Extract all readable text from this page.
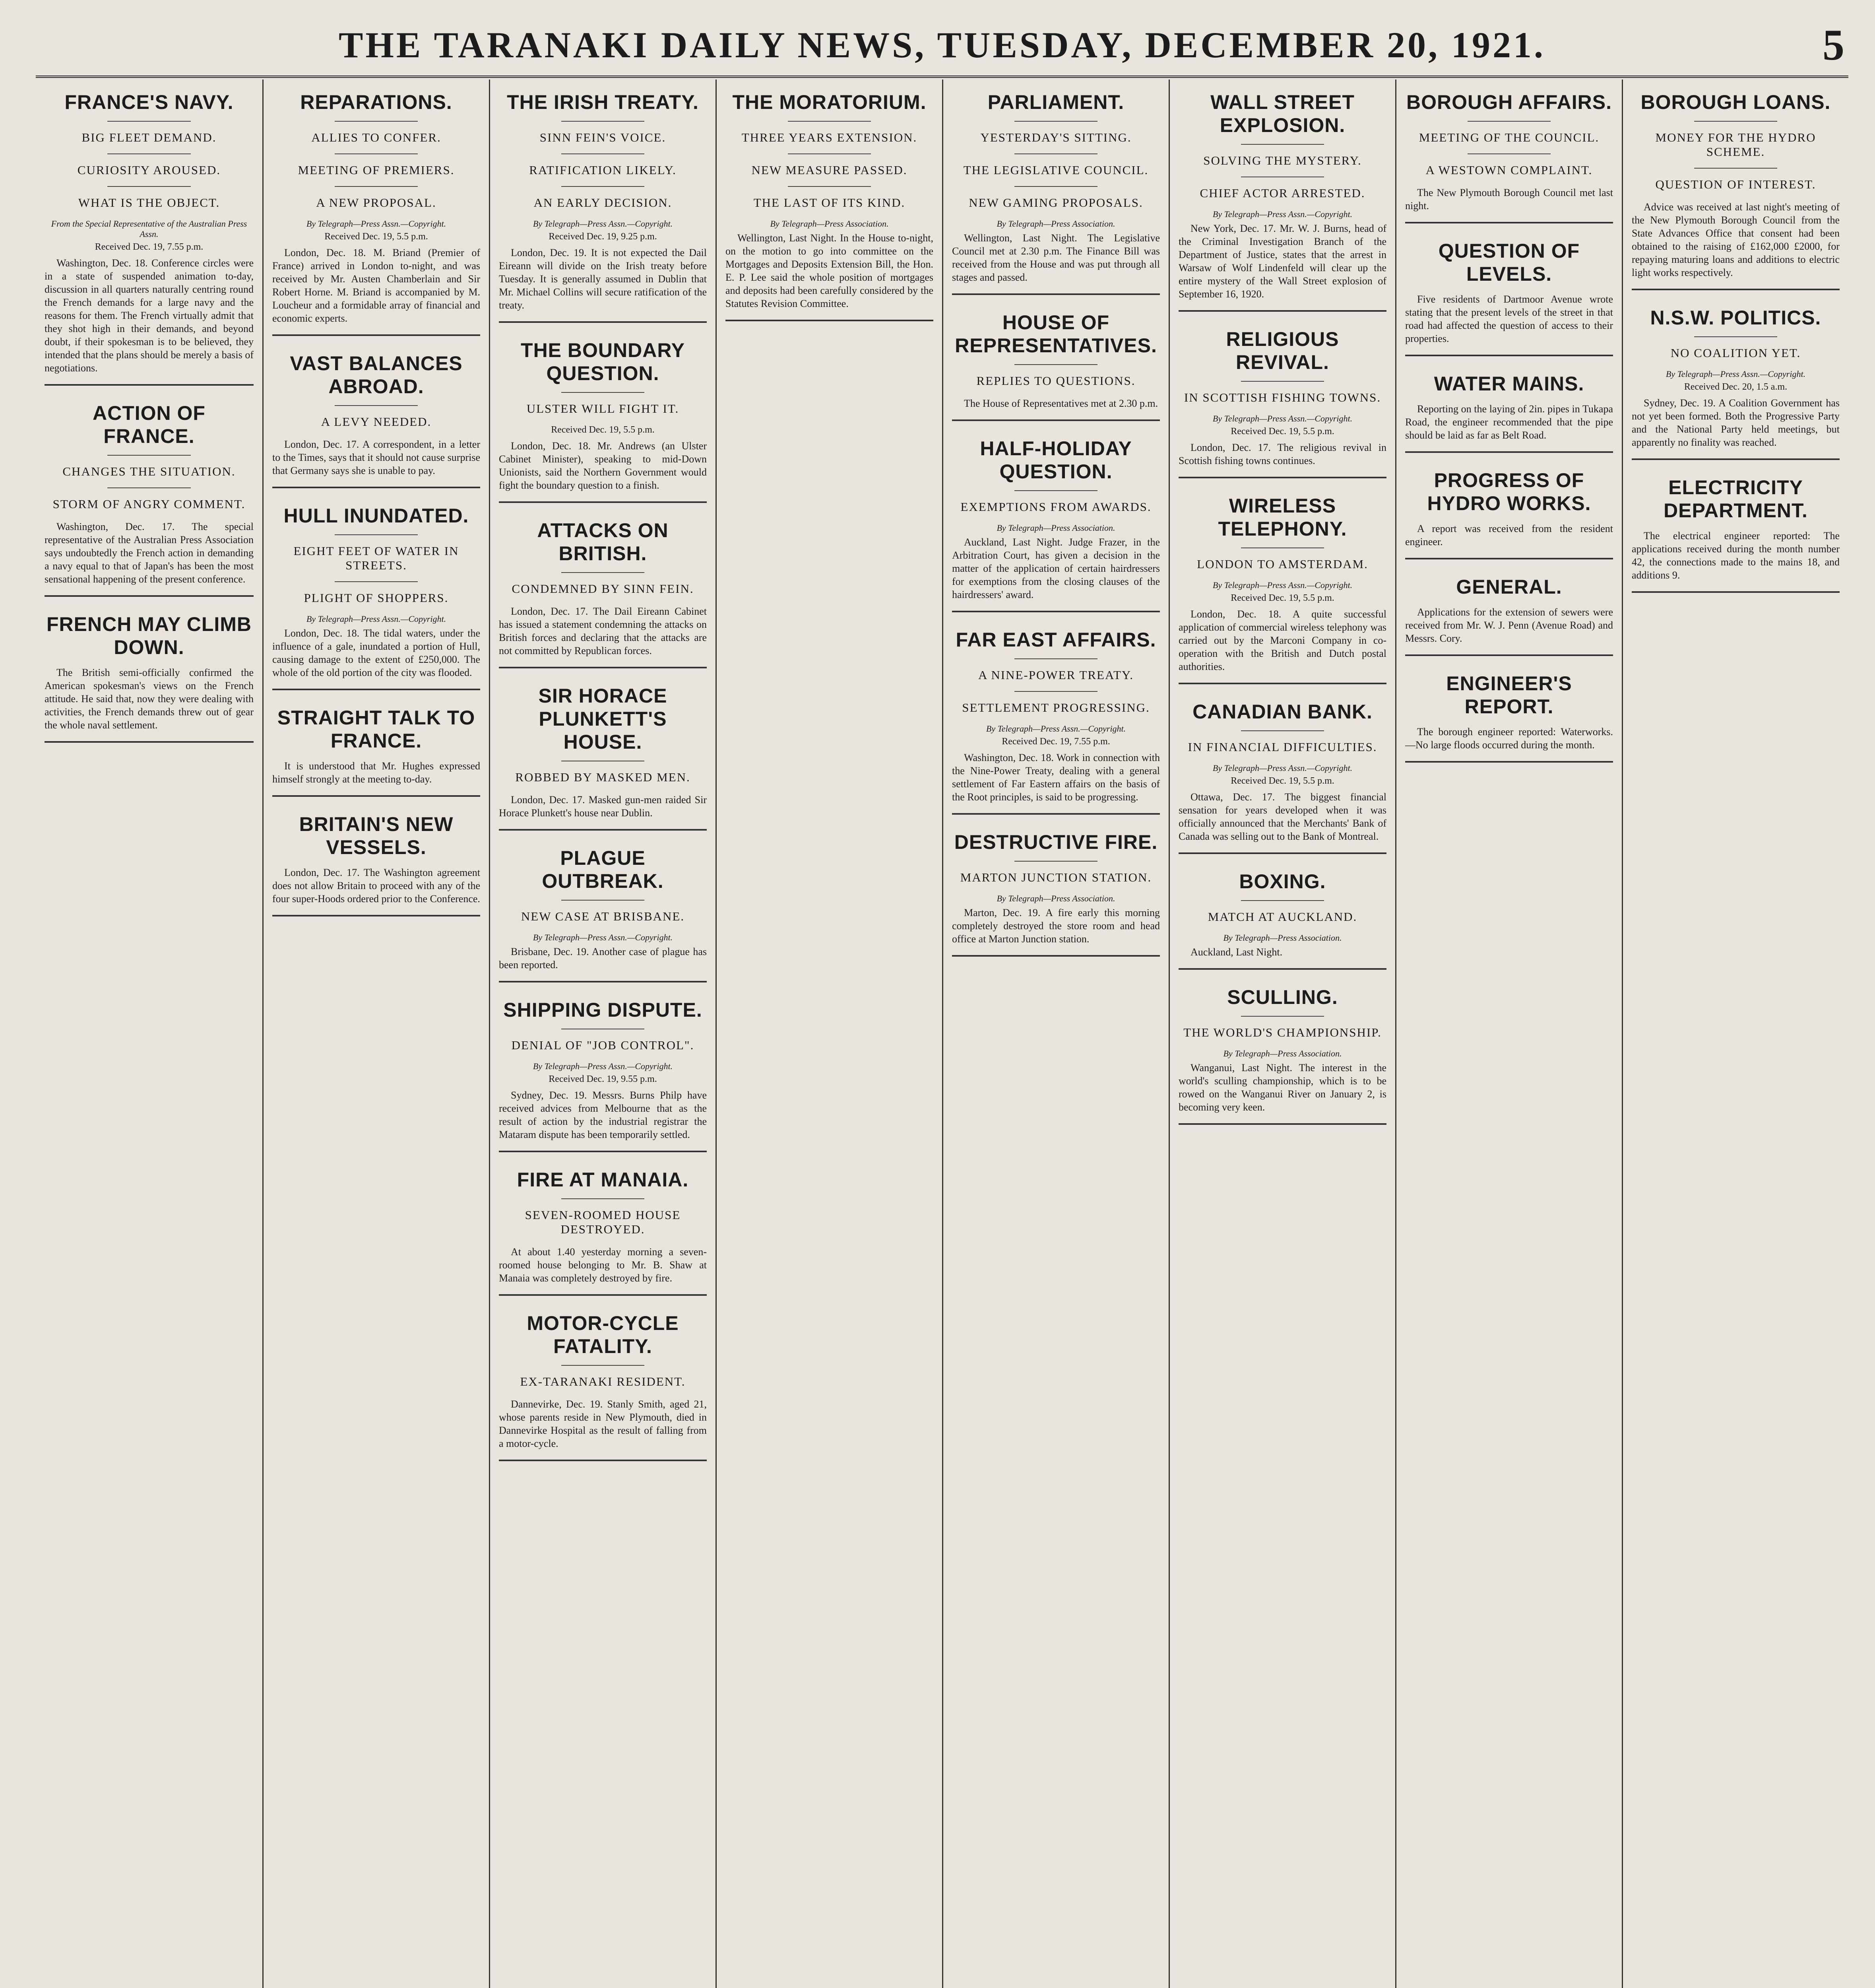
THE TARANAKI DAILY NEWS, TUESDAY, DECEMBER 20, 1921.	5
FRANCE'S NAVY.
BIG FLEET DEMAND.
CURIOSITY AROUSED.
WHAT IS THE OBJECT.
From the Special Representative of the Australian Press Assn.
Received Dec. 19, 7.55 p.m.
Washington, Dec. 18. Conference circles were in a state of suspended animation to-day, discussion in all quarters naturally centring round the French demands for a large navy and the reasons for them. The French virtually admit that they shot high in their demands, and beyond doubt, if their spokesman is to be believed, they intended that the plans should be merely a basis of negotiations.
ACTION OF FRANCE.
CHANGES THE SITUATION.
STORM OF ANGRY COMMENT.
Washington, Dec. 17. The special representative of the Australian Press Association says undoubtedly the French action in demanding a navy equal to that of Japan's has been the most sensational happening of the present conference.
FRENCH MAY CLIMB DOWN.
The British semi-officially confirmed the American spokesman's views on the French attitude. He said that, now they were dealing with activities, the French demands threw out of gear the whole naval settlement.
REPARATIONS.
ALLIES TO CONFER.
MEETING OF PREMIERS.
A NEW PROPOSAL.
By Telegraph—Press Assn.—Copyright.
Received Dec. 19, 5.5 p.m.
London, Dec. 18. M. Briand (Premier of France) arrived in London to-night, and was received by Mr. Austen Chamberlain and Sir Robert Horne. M. Briand is accompanied by M. Loucheur and a formidable array of financial and economic experts.
VAST BALANCES ABROAD.
A LEVY NEEDED.
London, Dec. 17. A correspondent, in a letter to the Times, says that it should not cause surprise that Germany says she is unable to pay.
HULL INUNDATED.
EIGHT FEET OF WATER IN STREETS.
PLIGHT OF SHOPPERS.
By Telegraph—Press Assn.—Copyright.
London, Dec. 18. The tidal waters, under the influence of a gale, inundated a portion of Hull, causing damage to the extent of £250,000. The whole of the old portion of the city was flooded.
STRAIGHT TALK TO FRANCE.
It is understood that Mr. Hughes expressed himself strongly at the meeting to-day.
BRITAIN'S NEW VESSELS.
London, Dec. 17. The Washington agreement does not allow Britain to proceed with any of the four super-Hoods ordered prior to the Conference.
THE IRISH TREATY.
SINN FEIN'S VOICE.
RATIFICATION LIKELY.
AN EARLY DECISION.
By Telegraph—Press Assn.—Copyright.
Received Dec. 19, 9.25 p.m.
London, Dec. 19. It is not expected the Dail Eireann will divide on the Irish treaty before Tuesday. It is generally assumed in Dublin that Mr. Michael Collins will secure ratification of the treaty.
THE BOUNDARY QUESTION.
ULSTER WILL FIGHT IT.
Received Dec. 19, 5.5 p.m.
London, Dec. 18. Mr. Andrews (an Ulster Cabinet Minister), speaking to mid-Down Unionists, said the Northern Government would fight the boundary question to a finish.
ATTACKS ON BRITISH.
CONDEMNED BY SINN FEIN.
London, Dec. 17. The Dail Eireann Cabinet has issued a statement condemning the attacks on British forces and declaring that the attacks are not committed by Republican forces.
SIR HORACE PLUNKETT'S HOUSE.
ROBBED BY MASKED MEN.
London, Dec. 17. Masked gun-men raided Sir Horace Plunkett's house near Dublin.
PLAGUE OUTBREAK.
NEW CASE AT BRISBANE.
By Telegraph—Press Assn.—Copyright.
Brisbane, Dec. 19. Another case of plague has been reported.
SHIPPING DISPUTE.
DENIAL OF "JOB CONTROL".
By Telegraph—Press Assn.—Copyright.
Received Dec. 19, 9.55 p.m.
Sydney, Dec. 19. Messrs. Burns Philp have received advices from Melbourne that as the result of action by the industrial registrar the Mataram dispute has been temporarily settled.
FIRE AT MANAIA.
SEVEN-ROOMED HOUSE DESTROYED.
At about 1.40 yesterday morning a seven-roomed house belonging to Mr. B. Shaw at Manaia was completely destroyed by fire.
MOTOR-CYCLE FATALITY.
EX-TARANAKI RESIDENT.
Dannevirke, Dec. 19. Stanly Smith, aged 21, whose parents reside in New Plymouth, died in Dannevirke Hospital as the result of falling from a motor-cycle.
THE MORATORIUM.
THREE YEARS EXTENSION.
NEW MEASURE PASSED.
THE LAST OF ITS KIND.
By Telegraph—Press Association.
Wellington, Last Night. In the House to-night, on the motion to go into committee on the Mortgages and Deposits Extension Bill, the Hon. E. P. Lee said the whole position of mortgages and deposits had been carefully considered by the Statutes Revision Committee.
PARLIAMENT.
YESTERDAY'S SITTING.
THE LEGISLATIVE COUNCIL.
NEW GAMING PROPOSALS.
By Telegraph—Press Association.
Wellington, Last Night. The Legislative Council met at 2.30 p.m. The Finance Bill was received from the House and was put through all stages and passed.
HOUSE OF REPRESENTATIVES.
REPLIES TO QUESTIONS.
The House of Representatives met at 2.30 p.m.
HALF-HOLIDAY QUESTION.
EXEMPTIONS FROM AWARDS.
By Telegraph—Press Association.
Auckland, Last Night. Judge Frazer, in the Arbitration Court, has given a decision in the matter of the application of certain hairdressers for exemptions from the closing clauses of the hairdressers' award.
FAR EAST AFFAIRS.
A NINE-POWER TREATY.
SETTLEMENT PROGRESSING.
By Telegraph—Press Assn.—Copyright.
Received Dec. 19, 7.55 p.m.
Washington, Dec. 18. Work in connection with the Nine-Power Treaty, dealing with a general settlement of Far Eastern affairs on the basis of the Root principles, is said to be progressing.
DESTRUCTIVE FIRE.
MARTON JUNCTION STATION.
By Telegraph—Press Association.
Marton, Dec. 19. A fire early this morning completely destroyed the store room and head office at Marton Junction station.
WALL STREET EXPLOSION.
SOLVING THE MYSTERY.
CHIEF ACTOR ARRESTED.
By Telegraph—Press Assn.—Copyright.
New York, Dec. 17. Mr. W. J. Burns, head of the Criminal Investigation Branch of the Department of Justice, states that the arrest in Warsaw of Wolf Lindenfeld will clear up the entire mystery of the Wall Street explosion of September 16, 1920.
RELIGIOUS REVIVAL.
IN SCOTTISH FISHING TOWNS.
By Telegraph—Press Assn.—Copyright.
Received Dec. 19, 5.5 p.m.
London, Dec. 17. The religious revival in Scottish fishing towns continues.
WIRELESS TELEPHONY.
LONDON TO AMSTERDAM.
By Telegraph—Press Assn.—Copyright.
Received Dec. 19, 5.5 p.m.
London, Dec. 18. A quite successful application of commercial wireless telephony was carried out by the Marconi Company in co-operation with the British and Dutch postal authorities.
CANADIAN BANK.
IN FINANCIAL DIFFICULTIES.
By Telegraph—Press Assn.—Copyright.
Received Dec. 19, 5.5 p.m.
Ottawa, Dec. 17. The biggest financial sensation for years developed when it was officially announced that the Merchants' Bank of Canada was selling out to the Bank of Montreal.
BOXING.
MATCH AT AUCKLAND.
By Telegraph—Press Association.
Auckland, Last Night.
SCULLING.
THE WORLD'S CHAMPIONSHIP.
By Telegraph—Press Association.
Wanganui, Last Night. The interest in the world's sculling championship, which is to be rowed on the Wanganui River on January 2, is becoming very keen.
BOROUGH AFFAIRS.
MEETING OF THE COUNCIL.
A WESTOWN COMPLAINT.
The New Plymouth Borough Council met last night.
QUESTION OF LEVELS.
Five residents of Dartmoor Avenue wrote stating that the present levels of the street in that road had affected the question of access to their properties.
WATER MAINS.
Reporting on the laying of 2in. pipes in Tukapa Road, the engineer recommended that the pipe should be laid as far as Belt Road.
PROGRESS OF HYDRO WORKS.
A report was received from the resident engineer.
GENERAL.
Applications for the extension of sewers were received from Mr. W. J. Penn (Avenue Road) and Messrs. Cory.
ENGINEER'S REPORT.
The borough engineer reported: Waterworks.—No large floods occurred during the month.
BOROUGH LOANS.
MONEY FOR THE HYDRO SCHEME.
QUESTION OF INTEREST.
Advice was received at last night's meeting of the New Plymouth Borough Council from the State Advances Office that consent had been obtained to the raising of £162,000 £2000, for repaying maturing loans and additions to electric light works respectively.
N.S.W. POLITICS.
NO COALITION YET.
By Telegraph—Press Assn.—Copyright.
Received Dec. 20, 1.5 a.m.
Sydney, Dec. 19. A Coalition Government has not yet been formed. Both the Progressive Party and the National Party held meetings, but apparently no finality was reached.
ELECTRICITY DEPARTMENT.
The electrical engineer reported: The applications received during the month number 42, the connections made to the mains 18, and additions 9.
